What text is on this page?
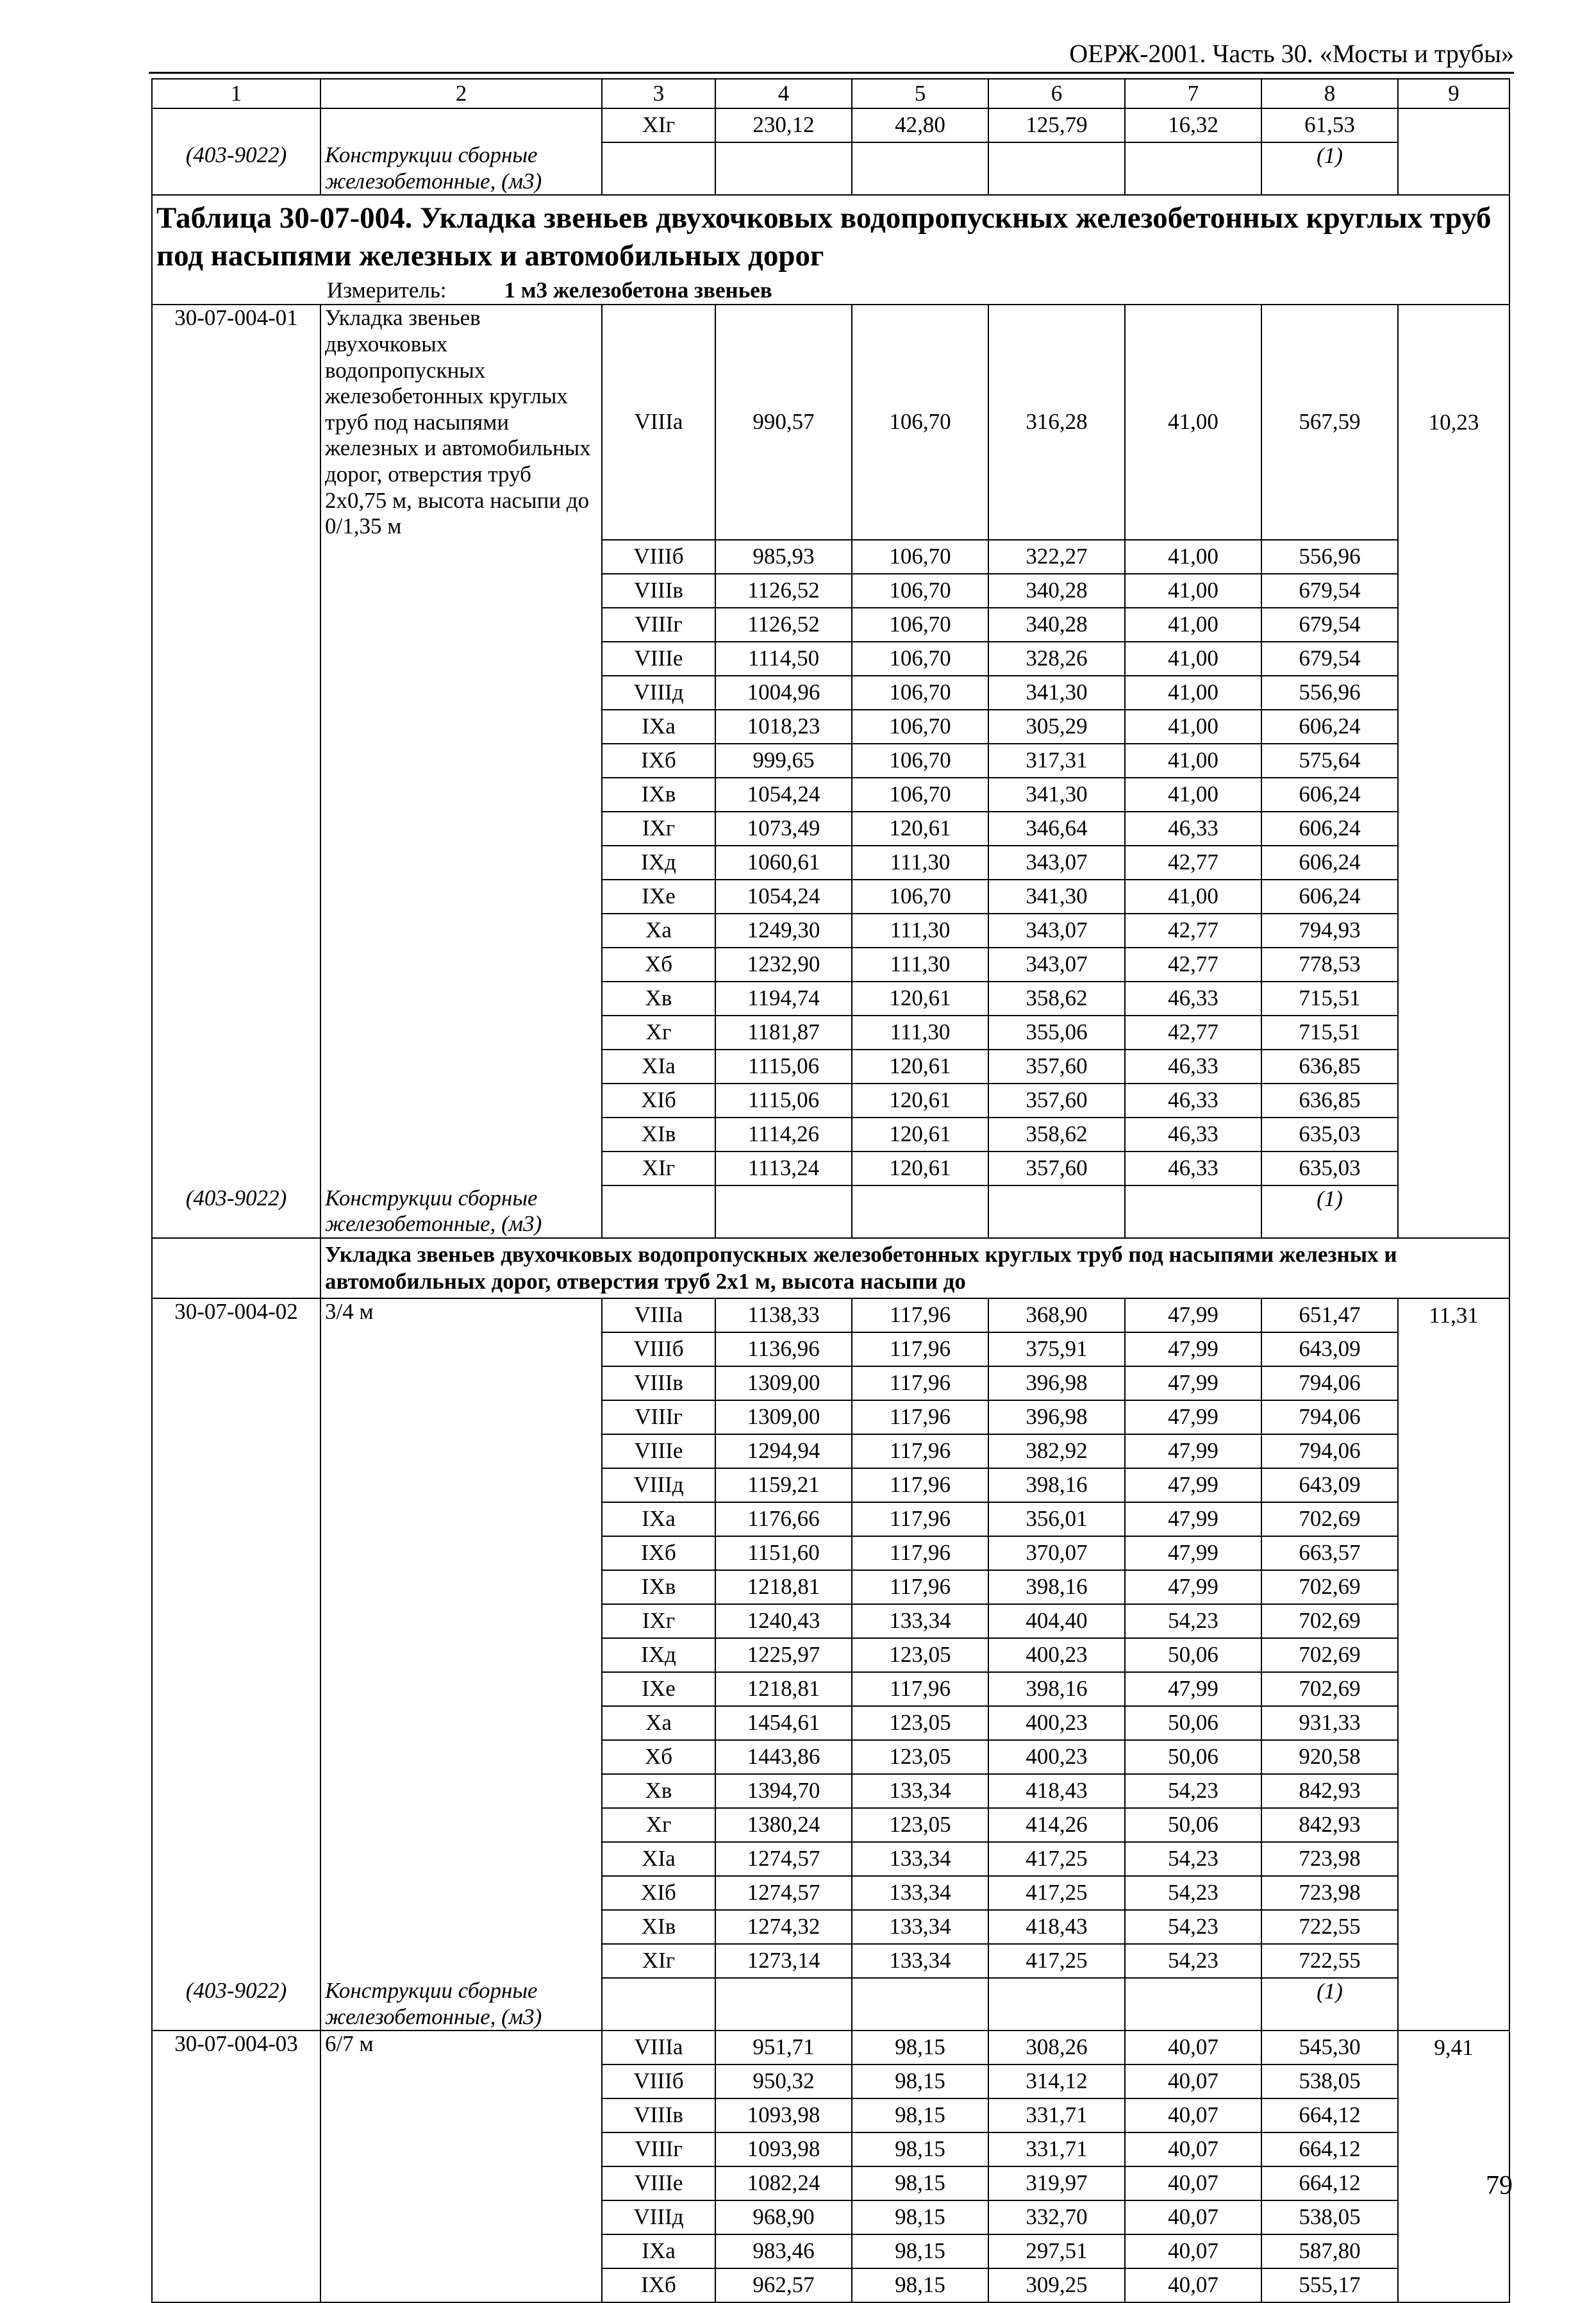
ОЕРЖ-2001. Часть 30. «Мосты и трубы»
1	2	3	4	5	6	7	8	9
		XIг	230,12	42,80	125,79	16,32	61,53	
(403-9022)	Конструкции сборные железобетонные, (м3)						(1)	

Таблица 30-07-004. Укладка звеньев двухочковых водопропускных железобетонных круглых труб под насыпями железных и автомобильных дорог
Измеритель: 1 м3 железобетона звеньев								

30-07-004-01	Укладка звеньев двухочковых водопропускных железобетонных круглых труб под насыпями железных и автомобильных дорог, отверстия труб 2х0,75 м, высота насыпи до 0/1,35 м	VIIIа	990,57	106,70	316,28	41,00	567,59	10,23
		VIIIб	985,93	106,70	322,27	41,00	556,96	
		VIIIв	1126,52	106,70	340,28	41,00	679,54	
		VIIIг	1126,52	106,70	340,28	41,00	679,54	
		VIIIе	1114,50	106,70	328,26	41,00	679,54	
		VIIIд	1004,96	106,70	341,30	41,00	556,96	
		IXа	1018,23	106,70	305,29	41,00	606,24	
		IXб	999,65	106,70	317,31	41,00	575,64	
		IXв	1054,24	106,70	341,30	41,00	606,24	
		IXг	1073,49	120,61	346,64	46,33	606,24	
		IXд	1060,61	111,30	343,07	42,77	606,24	
		IXе	1054,24	106,70	341,30	41,00	606,24	
		Xа	1249,30	111,30	343,07	42,77	794,93	
		Xб	1232,90	111,30	343,07	42,77	778,53	
		Xв	1194,74	120,61	358,62	46,33	715,51	
		Xг	1181,87	111,30	355,06	42,77	715,51	
		XIа	1115,06	120,61	357,60	46,33	636,85	
		XIб	1115,06	120,61	357,60	46,33	636,85	
		XIв	1114,26	120,61	358,62	46,33	635,03	
		XIг	1113,24	120,61	357,60	46,33	635,03	
(403-9022)	Конструкции сборные железобетонные, (м3)						(1)	
	Укладка звеньев двухочковых водопропускных железобетонных круглых труб под насыпями железных и автомобильных дорог, отверстия труб 2х1 м, высота насыпи до							
30-07-004-02	3/4 м	VIIIа	1138,33	117,96	368,90	47,99	651,47	11,31
		VIIIб	1136,96	117,96	375,91	47,99	643,09	
		VIIIв	1309,00	117,96	396,98	47,99	794,06	
		VIIIг	1309,00	117,96	396,98	47,99	794,06	
		VIIIе	1294,94	117,96	382,92	47,99	794,06	
		VIIIд	1159,21	117,96	398,16	47,99	643,09	
		IXа	1176,66	117,96	356,01	47,99	702,69	
		IXб	1151,60	117,96	370,07	47,99	663,57	
		IXв	1218,81	117,96	398,16	47,99	702,69	
		IXг	1240,43	133,34	404,40	54,23	702,69	
		IXд	1225,97	123,05	400,23	50,06	702,69	
		IXе	1218,81	117,96	398,16	47,99	702,69	
		Xа	1454,61	123,05	400,23	50,06	931,33	
		Xб	1443,86	123,05	400,23	50,06	920,58	
		Xв	1394,70	133,34	418,43	54,23	842,93	
		Xг	1380,24	123,05	414,26	50,06	842,93	
		XIа	1274,57	133,34	417,25	54,23	723,98	
		XIб	1274,57	133,34	417,25	54,23	723,98	
		XIв	1274,32	133,34	418,43	54,23	722,55	
		XIг	1273,14	133,34	417,25	54,23	722,55	
(403-9022)	Конструкции сборные железобетонные, (м3)						(1)	
30-07-004-03	6/7 м	VIIIа	951,71	98,15	308,26	40,07	545,30	9,41
		VIIIб	950,32	98,15	314,12	40,07	538,05	
		VIIIв	1093,98	98,15	331,71	40,07	664,12	
		VIIIг	1093,98	98,15	331,71	40,07	664,12	
		VIIIе	1082,24	98,15	319,97	40,07	664,12	
		VIIIд	968,90	98,15	332,70	40,07	538,05	
		IXа	983,46	98,15	297,51	40,07	587,80	
		IXб	962,57	98,15	309,25	40,07	555,17	
79
